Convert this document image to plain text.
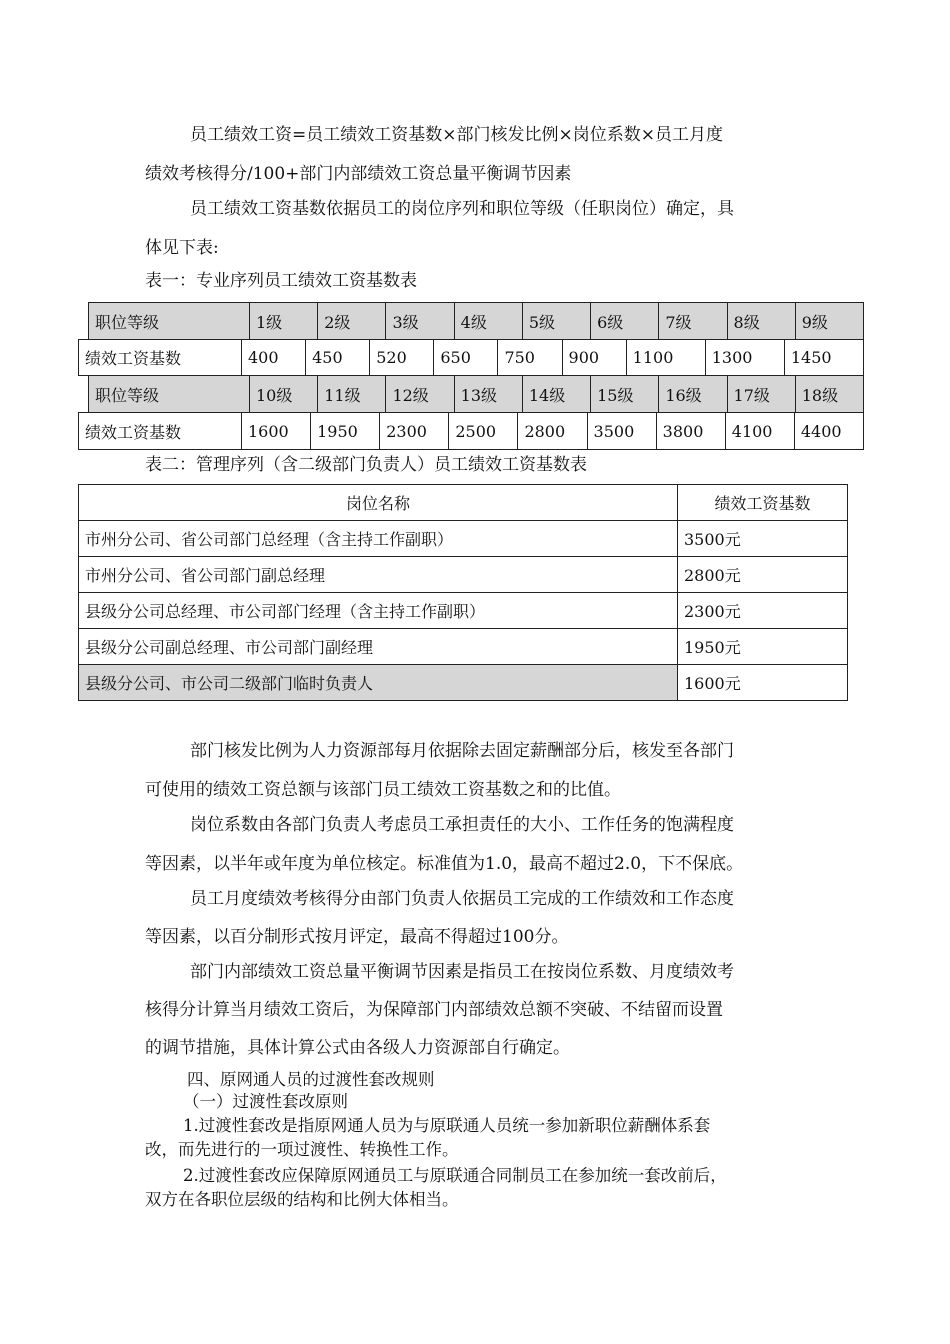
员工绩效工资=员工绩效工资基数×部门核发比例×岗位系数×员工月度

绩效考核得分/100+部门内部绩效工资总量平衡调节因素

员工绩效工资基数依据员工的岗位序列和职位等级（任职岗位）确定，具

体见下表:

表一：专业序列员工绩效工资基数表

职位等级	1级	2级	3级	4级	5级	6级	7级	8级	9级
绩效工资基数	400	450	520	650	750	900	1100	1300	1450
职位等级	10级	11级	12级	13级	14级	15级	16级	17级	18级
绩效工资基数	1600	1950	2300	2500	2800	3500	3800	4100	4400

表二：管理序列（含二级部门负责人）员工绩效工资基数表

岗位名称	绩效工资基数
市州分公司、省公司部门总经理（含主持工作副职）	3500元
市州分公司、省公司部门副总经理	2800元
县级分公司总经理、市公司部门经理（含主持工作副职）	2300元
县级分公司副总经理、市公司部门副经理	1950元
县级分公司、市公司二级部门临时负责人	1600元

部门核发比例为人力资源部每月依据除去固定薪酬部分后，核发至各部门

可使用的绩效工资总额与该部门员工绩效工资基数之和的比值。

岗位系数由各部门负责人考虑员工承担责任的大小、工作任务的饱满程度

等因素，以半年或年度为单位核定。标准值为1.0，最高不超过2.0，下不保底。

员工月度绩效考核得分由部门负责人依据员工完成的工作绩效和工作态度

等因素，以百分制形式按月评定，最高不得超过100分。

部门内部绩效工资总量平衡调节因素是指员工在按岗位系数、月度绩效考

核得分计算当月绩效工资后，为保障部门内部绩效总额不突破、不结留而设置

的调节措施，具体计算公式由各级人力资源部自行确定。

四、原网通人员的过渡性套改规则

（一）过渡性套改原则

1.过渡性套改是指原网通人员为与原联通人员统一参加新职位薪酬体系套

改，而先进行的一项过渡性、转换性工作。

2.过渡性套改应保障原网通员工与原联通合同制员工在参加统一套改前后，

双方在各职位层级的结构和比例大体相当。
